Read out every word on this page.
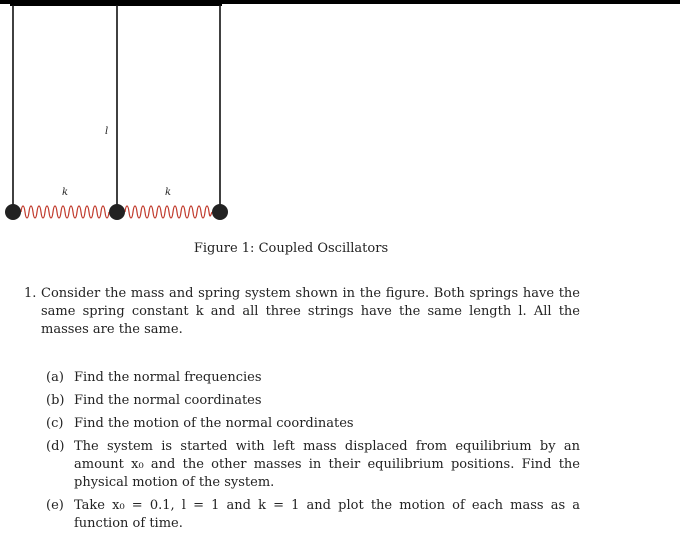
l
k	k
Figure 1: Coupled Oscillators
1. Consider the mass and spring system shown in the figure. Both springs have the same spring constant k and all three strings have the same length l. All the masses are the same.
(a) Find the normal frequencies
(b) Find the normal coordinates
(c) Find the motion of the normal coordinates
(d) The system is started with left mass displaced from equilibrium by an amount x₀ and the other masses in their equilibrium positions. Find the physical motion of the system.
(e) Take x₀ = 0.1, l = 1 and k = 1 and plot the motion of each mass as a function of time.
